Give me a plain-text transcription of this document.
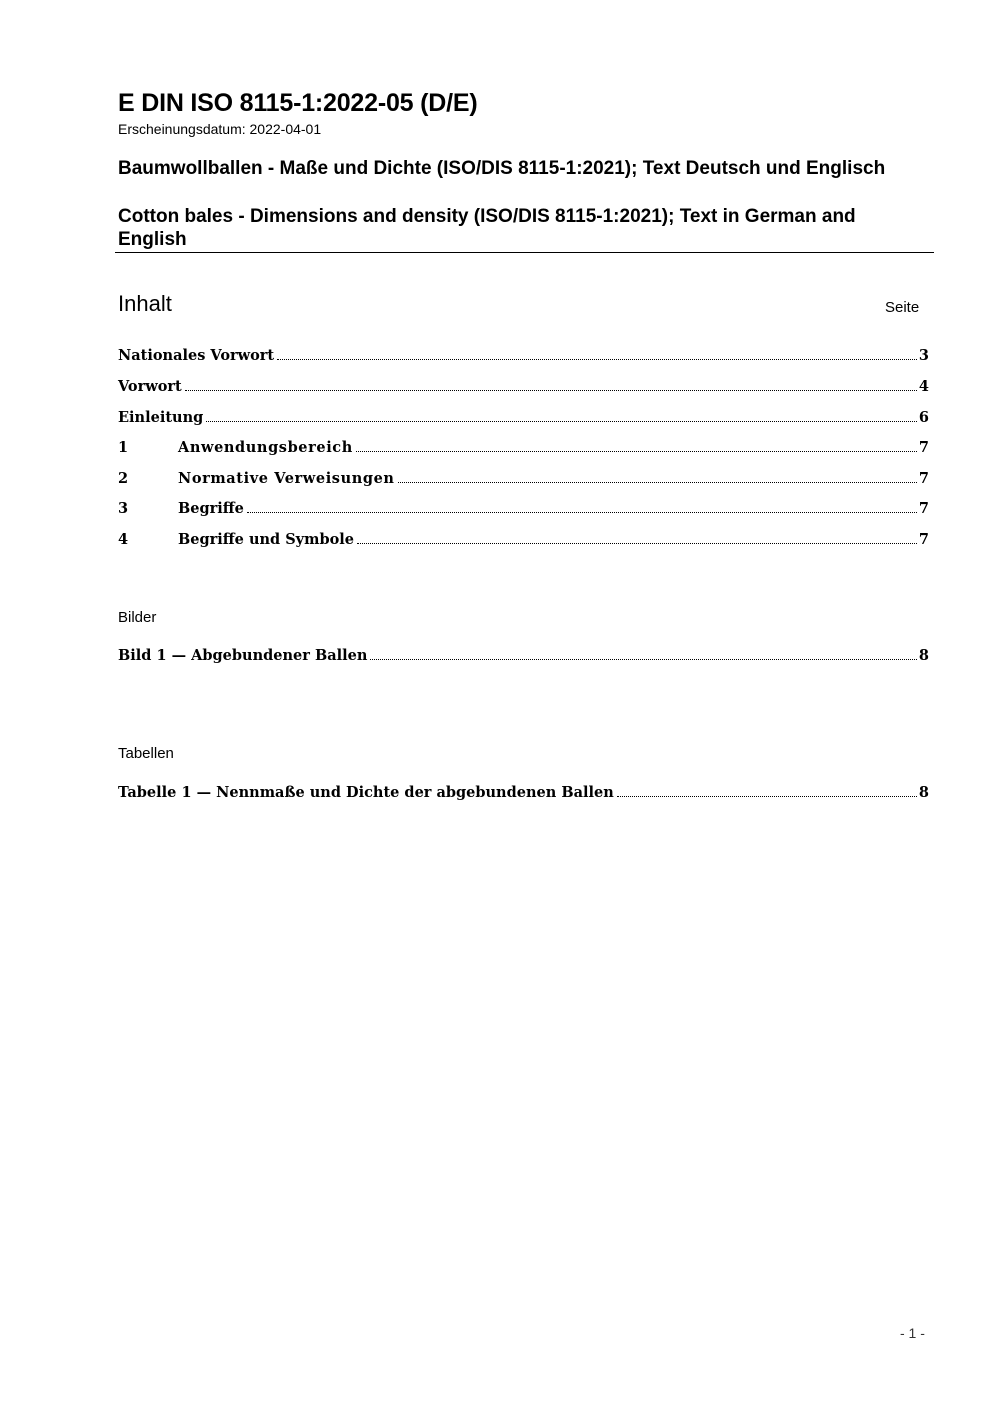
E DIN ISO 8115-1:2022-05 (D/E)
Erscheinungsdatum: 2022-04-01
Baumwollballen - Maße und Dichte (ISO/DIS 8115-1:2021); Text Deutsch und Englisch
Cotton bales - Dimensions and density (ISO/DIS 8115-1:2021); Text in German and English
Inhalt	Seite
Nationales Vorwort	3
Vorwort	4
Einleitung	6
1	Anwendungsbereich	7
2	Normative Verweisungen	7
3	Begriffe	7
4	Begriffe und Symbole	7
Bilder
Bild 1 — Abgebundener Ballen	8
Tabellen
Tabelle 1 — Nennmaße und Dichte der abgebundenen Ballen	8
- 1 -
